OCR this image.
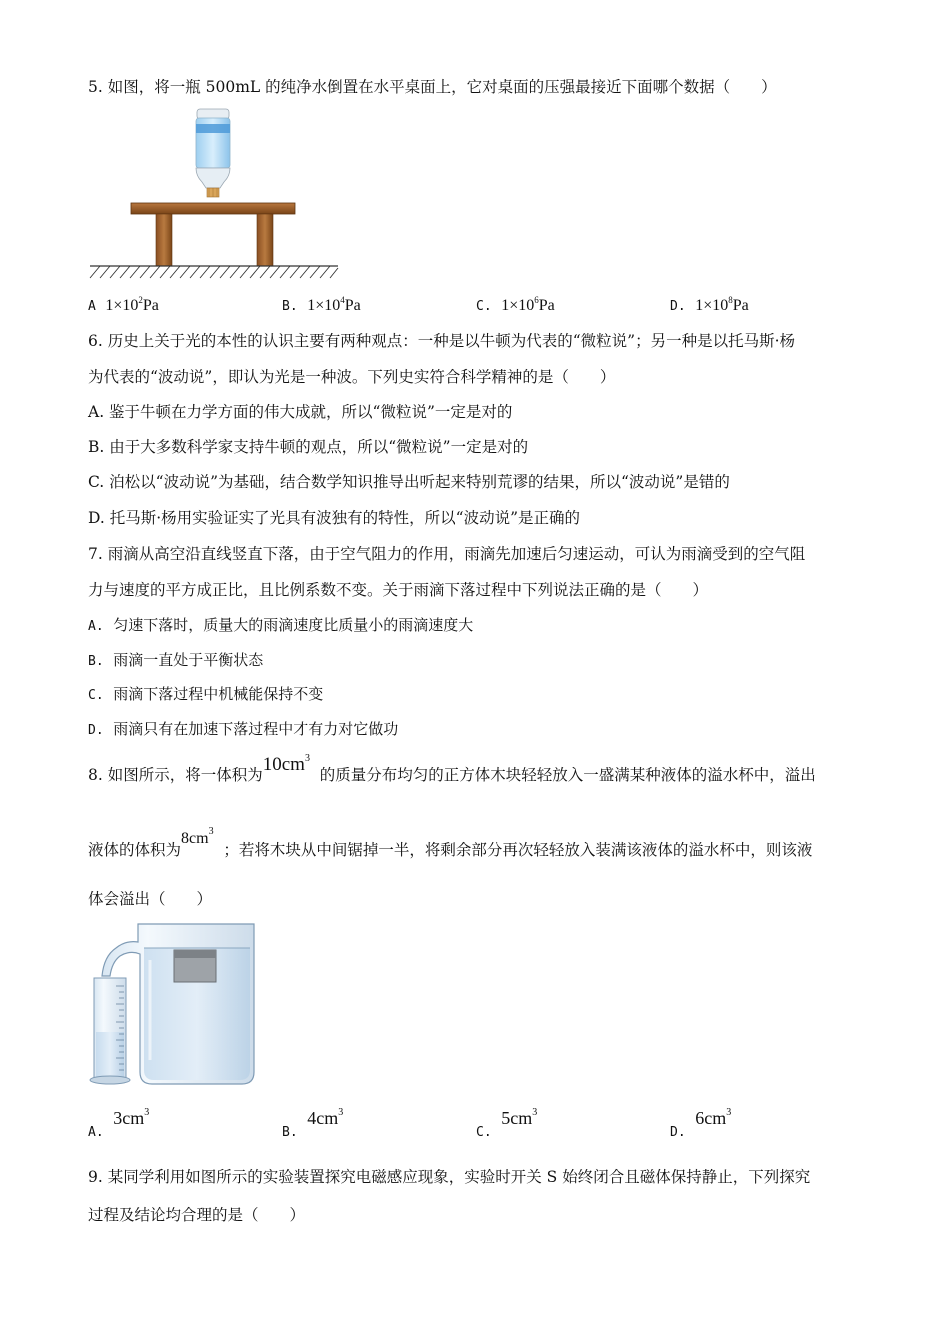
5. 如图，将一瓶 500mL 的纯净水倒置在水平桌面上，它对桌面的压强最接近下面哪个数据（　　）
A $1\times 10^2Pa$	B. $1\times 10^4Pa$	C. $1\times 10^6Pa$	D. $1\times 10^8Pa$
6. 历史上关于光的本性的认识主要有两种观点：一种是以牛顿为代表的“微粒说”；另一种是以托马斯·杨
为代表的“波动说”，即认为光是一种波。下列史实符合科学精神的是（　　）
A. 鉴于牛顿在力学方面的伟大成就，所以“微粒说”一定是对的
B. 由于大多数科学家支持牛顿的观点，所以“微粒说”一定是对的
C. 泊松以“波动说”为基础，结合数学知识推导出听起来特别荒谬的结果，所以“波动说”是错的
D. 托马斯·杨用实验证实了光具有波独有的特性，所以“波动说”是正确的
7. 雨滴从高空沿直线竖直下落，由于空气阻力的作用，雨滴先加速后匀速运动，可认为雨滴受到的空气阻
力与速度的平方成正比，且比例系数不变。关于雨滴下落过程中下列说法正确的是（　　）
A. 匀速下落时，质量大的雨滴速度比质量小的雨滴速度大
B. 雨滴一直处于平衡状态
C. 雨滴下落过程中机械能保持不变
D. 雨滴只有在加速下落过程中才有力对它做功
8. 如图所示，将一体积为$10cm^3$  的质量分布均匀的正方体木块轻轻放入一盛满某种液体的溢水杯中，溢出
液体的体积为$8cm^3$  ；若将木块从中间锯掉一半，将剩余部分再次轻轻放入装满该液体的溢水杯中，则该液
体会溢出（　　）
A.  $3cm^3$
B.  $4cm^3$
C.  $5cm^3$
D.  $6cm^3$
9. 某同学利用如图所示的实验装置探究电磁感应现象，实验时开关 S 始终闭合且磁体保持静止，下列探究
过程及结论均合理的是（　　）
